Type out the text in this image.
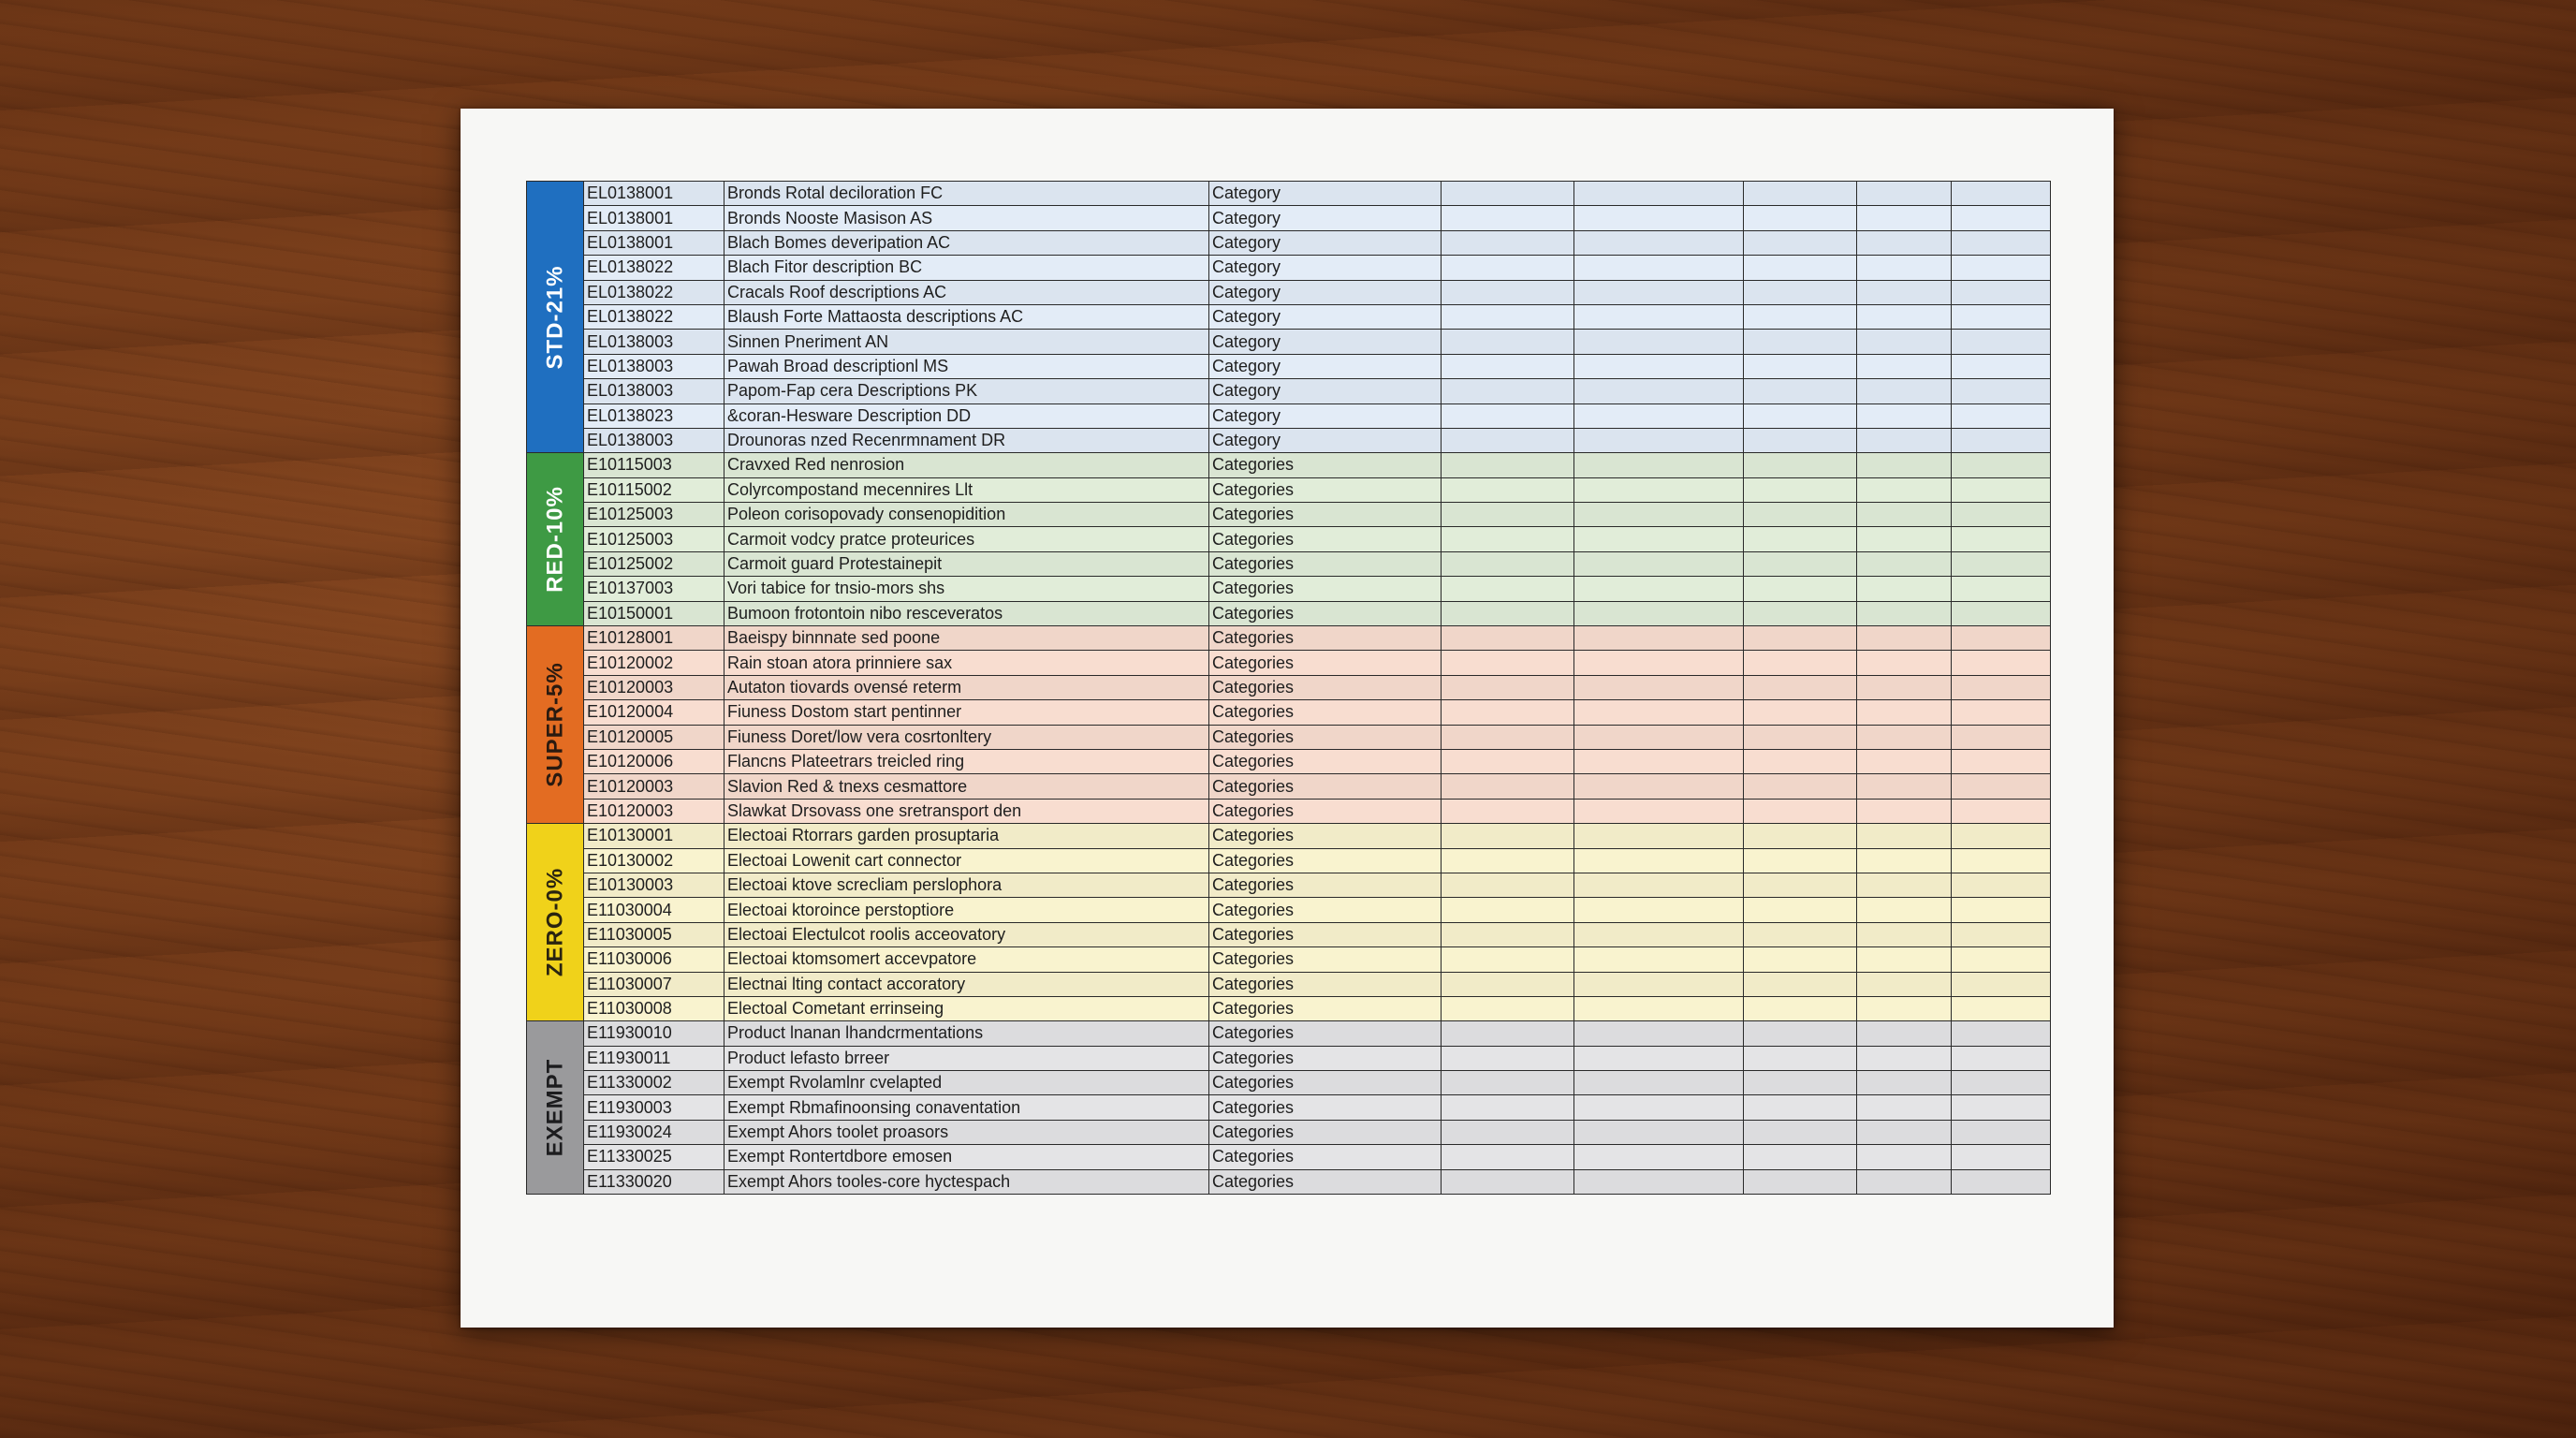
STD-21%	EL0138001	Bronds Rotal deciloration FC	Category					
	EL0138001	Bronds Nooste Masison AS	Category					
	EL0138001	Blach Bomes deveripation AC	Category					
	EL0138022	Blach Fitor description BC	Category					
	EL0138022	Cracals Roof descriptions AC	Category					
	EL0138022	Blaush Forte Mattaosta descriptions AC	Category					
	EL0138003	Sinnen Pneriment AN	Category					
	EL0138003	Pawah Broad descriptionl MS	Category					
	EL0138003	Papom-Fap cera Descriptions PK	Category					
	EL0138023	&coran-Hesware Description DD	Category					
	EL0138003	Drounoras nzed Recenrmnament DR	Category					

RED-10%	E10115003	Cravxed Red nenrosion	Categories					
	E10115002	Colyrcompostand mecennires Llt	Categories					
	E10125003	Poleon corisopovady consenopidition	Categories					
	E10125003	Carmoit vodcy pratce proteurices	Categories					
	E10125002	Carmoit guard Protestainepit	Categories					
	E10137003	Vori tabice for tnsio-mors shs	Categories					
	E10150001	Bumoon frotontoin nibo resceveratos	Categories					

SUPER-5%	E10128001	Baeispy binnnate sed poone	Categories					
	E10120002	Rain stoan atora prinniere sax	Categories					
	E10120003	Autaton tiovards ovensé reterm	Categories					
	E10120004	Fiuness Dostom start pentinner	Categories					
	E10120005	Fiuness Doret/low vera cosrtonltery	Categories					
	E10120006	Flancns Plateetrars treicled ring	Categories					
	E10120003	Slavion Red & tnexs cesmattore	Categories					
	E10120003	Slawkat Drsovass one sretransport den	Categories					

ZERO-0%	E10130001	Electoai Rtorrars garden prosuptaria	Categories					
	E10130002	Electoai Lowenit cart connector	Categories					
	E10130003	Electoai ktove screcliam perslophora	Categories					
	E11030004	Electoai ktoroince perstoptiore	Categories					
	E11030005	Electoai Electulcot roolis acceovatory	Categories					
	E11030006	Electoai ktomsomert accevpatore	Categories					
	E11030007	Electnai lting contact accoratory	Categories					
	E11030008	Electoal Cometant errinseing	Categories					

EXEMPT	E11930010	Product lnanan lhandcrmentations	Categories					
	E11930011	Product lefasto brreer	Categories					
	E11330002	Exempt Rvolamlnr cvelapted	Categories					
	E11930003	Exempt Rbmafinoonsing conaventation	Categories					
	E11930024	Exempt Ahors toolet proasors	Categories					
	E11330025	Exempt Rontertdbore emosen	Categories					
	E11330020	Exempt Ahors tooles-core hyctespach	Categories					
